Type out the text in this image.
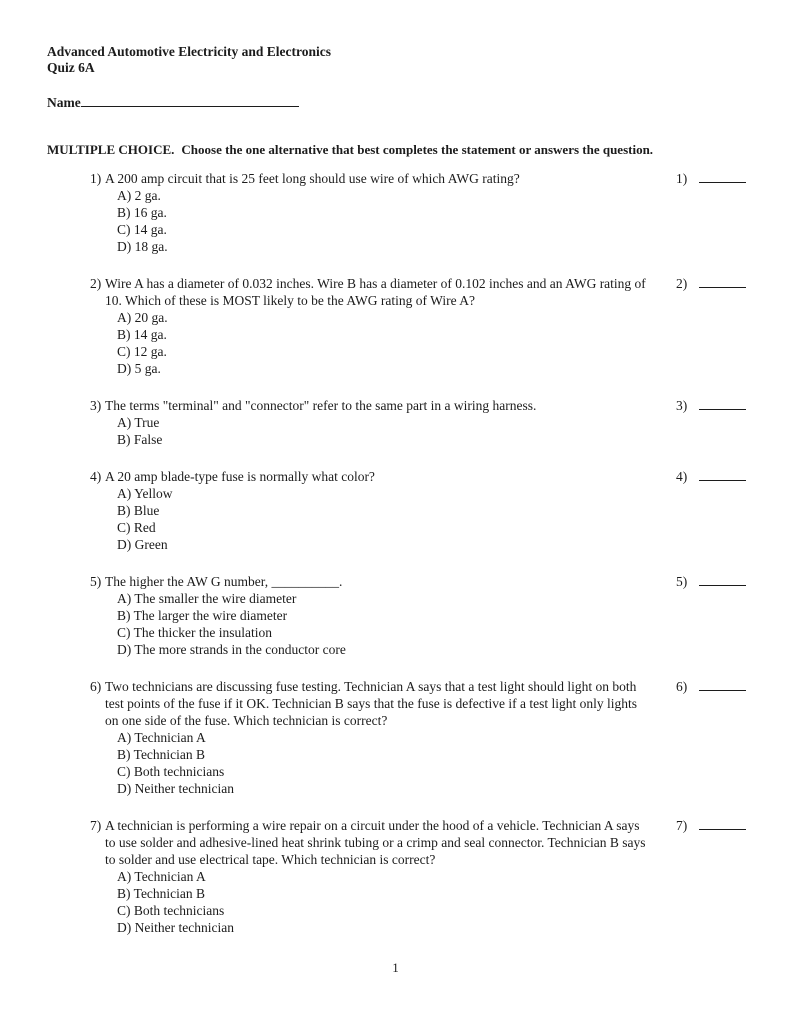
Advanced Automotive Electricity and Electronics
Quiz 6A
Name
MULTIPLE CHOICE. Choose the one alternative that best completes the statement or answers the question.
1) A 200 amp circuit that is 25 feet long should use wire of which AWG rating?
A) 2 ga.
B) 16 ga.
C) 14 ga.
D) 18 ga.
1)
2) Wire A has a diameter of 0.032 inches. Wire B has a diameter of 0.102 inches and an AWG rating of 10. Which of these is MOST likely to be the AWG rating of Wire A?
A) 20 ga.
B) 14 ga.
C) 12 ga.
D) 5 ga.
2)
3) The terms "terminal" and "connector" refer to the same part in a wiring harness.
A) True
B) False
3)
4) A 20 amp blade-type fuse is normally what color?
A) Yellow
B) Blue
C) Red
D) Green
4)
5) The higher the AW G number, __________.
A) The smaller the wire diameter
B) The larger the wire diameter
C) The thicker the insulation
D) The more strands in the conductor core
5)
6) Two technicians are discussing fuse testing. Technician A says that a test light should light on both test points of the fuse if it OK. Technician B says that the fuse is defective if a test light only lights on one side of the fuse. Which technician is correct?
A) Technician A
B) Technician B
C) Both technicians
D) Neither technician
6)
7) A technician is performing a wire repair on a circuit under the hood of a vehicle. Technician A says to use solder and adhesive-lined heat shrink tubing or a crimp and seal connector. Technician B says to solder and use electrical tape. Which technician is correct?
A) Technician A
B) Technician B
C) Both technicians
D) Neither technician
7)
1
